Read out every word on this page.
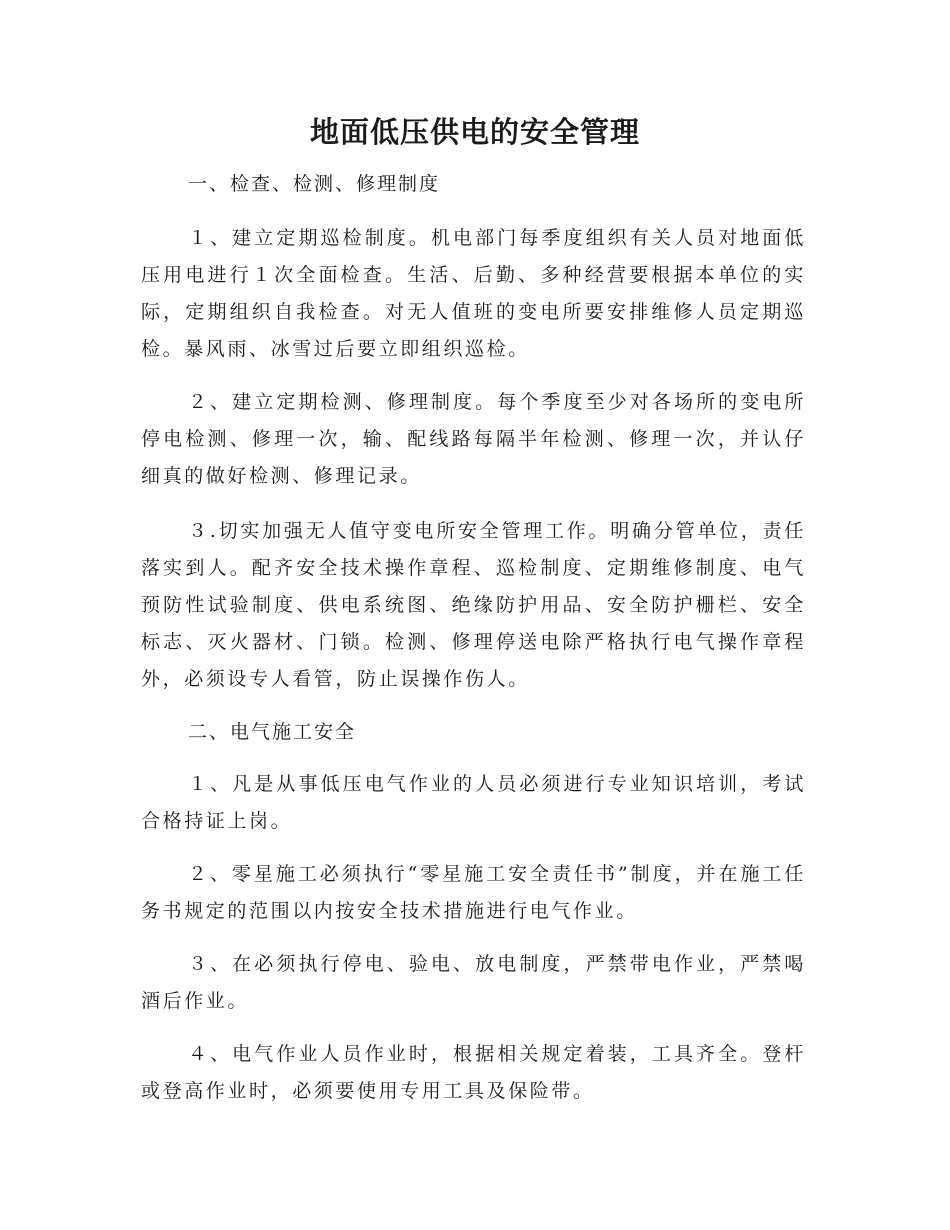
地面低压供电的安全管理

一、检查、检测、修理制度

１、建立定期巡检制度。机电部门每季度组织有关人员对地面低压用电进行１次全面检查。生活、后勤、多种经营要根据本单位的实际，定期组织自我检查。对无人值班的变电所要安排维修人员定期巡检。暴风雨、冰雪过后要立即组织巡检。

２、建立定期检测、修理制度。每个季度至少对各场所的变电所停电检测、修理一次，输、配线路每隔半年检测、修理一次，并认仔细真的做好检测、修理记录。

３.切实加强无人值守变电所安全管理工作。明确分管单位，责任落实到人。配齐安全技术操作章程、巡检制度、定期维修制度、电气预防性试验制度、供电系统图、绝缘防护用品、安全防护栅栏、安全标志、灭火器材、门锁。检测、修理停送电除严格执行电气操作章程外，必须设专人看管，防止误操作伤人。

二、电气施工安全

１、凡是从事低压电气作业的人员必须进行专业知识培训，考试合格持证上岗。

２、零星施工必须执行“零星施工安全责任书”制度，并在施工任务书规定的范围以内按安全技术措施进行电气作业。

３、在必须执行停电、验电、放电制度，严禁带电作业，严禁喝酒后作业。

４、电气作业人员作业时，根据相关规定着装，工具齐全。登杆或登高作业时，必须要使用专用工具及保险带。
